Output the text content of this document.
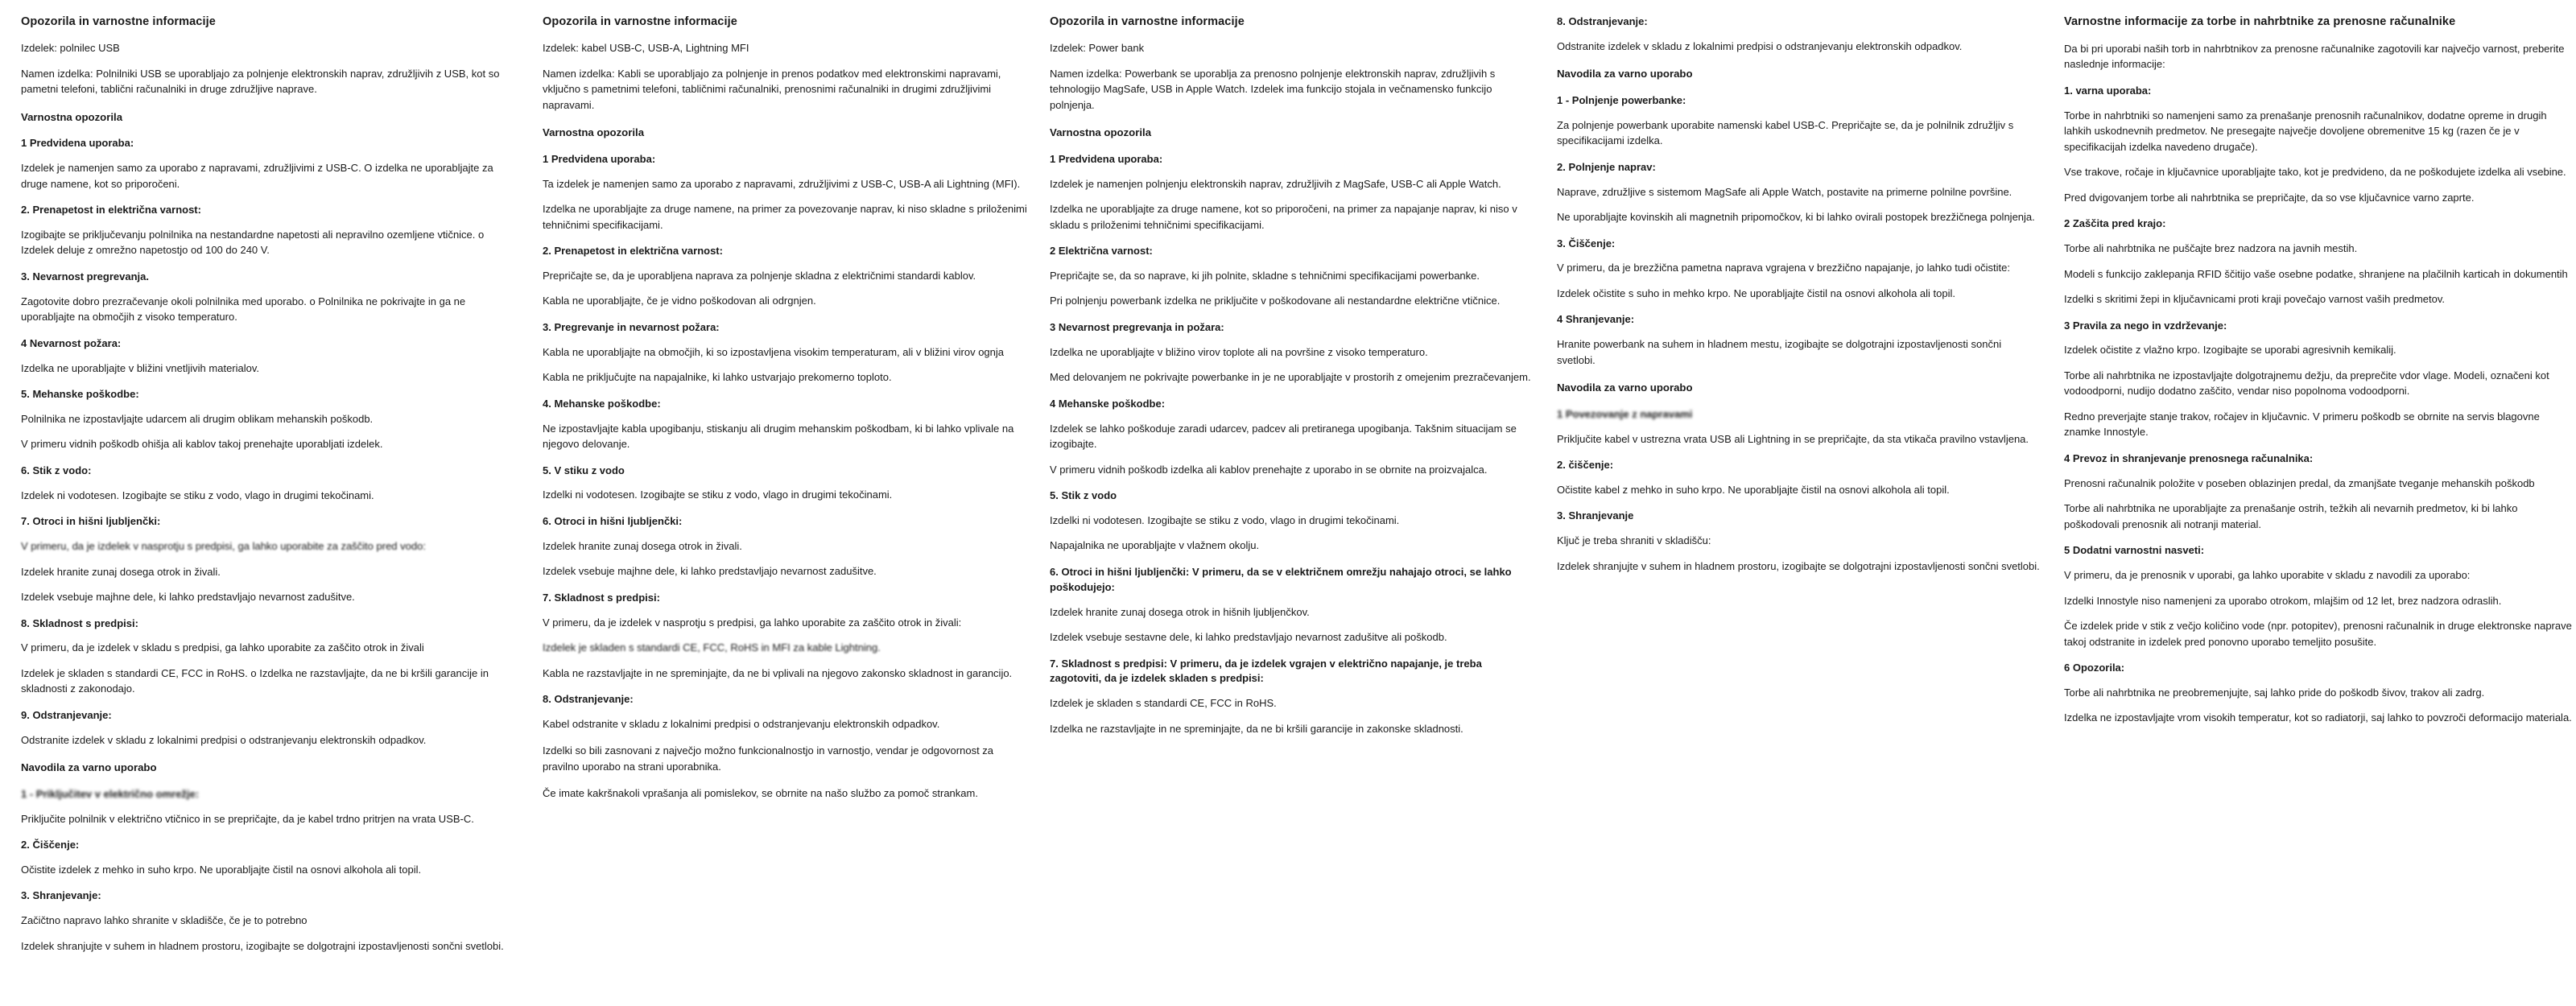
Opozorila in varnostne informacije

Izdelek: polnilec USB

Namen izdelka: Polnilniki USB se uporabljajo za polnjenje elektronskih naprav, združljivih z USB, kot so pametni telefoni, tablični računalniki in druge združljive naprave.

Varnostna opozorila
1 Predvidena uporaba:

Izdelek je namenjen samo za uporabo z napravami, združljivimi z USB-C. O izdelka ne uporabljajte za druge namene, kot so priporočeni.

2. Prenapetost in električna varnost:

Izogibajte se priključevanju polnilnika na nestandardne napetosti ali nepravilno ozemljene vtičnice. o Izdelek deluje z omrežno napetostjo od 100 do 240 V.

3. Nevarnost pregrevanja.

Zagotovite dobro prezračevanje okoli polnilnika med uporabo. o Polnilnika ne pokrivajte in ga ne uporabljajte na območjih z visoko temperaturo.

4 Nevarnost požara:

Izdelka ne uporabljajte v bližini vnetljivih materialov.

5. Mehanske poškodbe:

Polnilnika ne izpostavljajte udarcem ali drugim oblikam mehanskih poškodb.

V primeru vidnih poškodb ohišja ali kablov takoj prenehajte uporabljati izdelek.

6. Stik z vodo:

Izdelek ni vodotesen. Izogibajte se stiku z vodo, vlago in drugimi tekočinami.

7. Otroci in hišni ljubljenčki:

V primeru, da je izdelek v nasprotju s predpisi, ga lahko uporabite za zaščito pred vodo:

Izdelek hranite zunaj dosega otrok in živali.

Izdelek vsebuje majhne dele, ki lahko predstavljajo nevarnost zadušitve.

8. Skladnost s predpisi:

V primeru, da je izdelek v skladu s predpisi, ga lahko uporabite za zaščito otrok in živali

Izdelek je skladen s standardi CE, FCC in RoHS. o Izdelka ne razstavljajte, da ne bi kršili garancije in skladnosti z zakonodajo.

9. Odstranjevanje:

Odstranite izdelek v skladu z lokalnimi predpisi o odstranjevanju elektronskih odpadkov.

Navodila za varno uporabo
1 - Priključitev v električno omrežje:

Priključite polnilnik v električno vtičnico in se prepričajte, da je kabel trdno pritrjen na vrata USB-C.

2. Čiščenje:

Očistite izdelek z mehko in suho krpo. Ne uporabljajte čistil na osnovi alkohola ali topil.

3. Shranjevanje:

Začičtno napravo lahko shranite v skladišče, če je to potrebno

Izdelek shranjujte v suhem in hladnem prostoru, izogibajte se dolgotrajni izpostavljenosti sončni svetlobi.

Opozorila in varnostne informacije

Izdelek: kabel USB-C, USB-A, Lightning MFI

Namen izdelka: Kabli se uporabljajo za polnjenje in prenos podatkov med elektronskimi napravami, vključno s pametnimi telefoni, tabličnimi računalniki, prenosnimi računalniki in drugimi združljivimi napravami.

Varnostna opozorila
1 Predvidena uporaba:

Ta izdelek je namenjen samo za uporabo z napravami, združljivimi z USB-C, USB-A ali Lightning (MFI).

Izdelka ne uporabljajte za druge namene, na primer za povezovanje naprav, ki niso skladne s priloženimi tehničnimi specifikacijami.

2. Prenapetost in električna varnost:

Prepričajte se, da je uporabljena naprava za polnjenje skladna z električnimi standardi kablov.

Kabla ne uporabljajte, če je vidno poškodovan ali odrgnjen.

3. Pregrevanje in nevarnost požara:

Kabla ne uporabljajte na območjih, ki so izpostavljena visokim temperaturam, ali v bližini virov ognja

Kabla ne priključujte na napajalnike, ki lahko ustvarjajo prekomerno toploto.

4. Mehanske poškodbe:

Ne izpostavljajte kabla upogibanju, stiskanju ali drugim mehanskim poškodbam, ki bi lahko vplivale na njegovo delovanje.

5. V stiku z vodo

Izdelki ni vodotesen. Izogibajte se stiku z vodo, vlago in drugimi tekočinami.

6. Otroci in hišni ljubljenčki:

Izdelek hranite zunaj dosega otrok in živali.

Izdelek vsebuje majhne dele, ki lahko predstavljajo nevarnost zadušitve.

7. Skladnost s predpisi:

V primeru, da je izdelek v nasprotju s predpisi, ga lahko uporabite za zaščito otrok in živali:

Izdelek je skladen s standardi CE, FCC, RoHS in MFI za kable Lightning.

Kabla ne razstavljajte in ne spreminjajte, da ne bi vplivali na njegovo zakonsko skladnost in garancijo.

8. Odstranjevanje:

Kabel odstranite v skladu z lokalnimi predpisi o odstranjevanju elektronskih odpadkov.

Izdelki so bili zasnovani z največjo možno funkcionalnostjo in varnostjo, vendar je odgovornost za pravilno uporabo na strani uporabnika.

Če imate kakršnakoli vprašanja ali pomislekov, se obrnite na našo službo za pomoč strankam.

Opozorila in varnostne informacije

Izdelek: Power bank

Namen izdelka: Powerbank se uporablja za prenosno polnjenje elektronskih naprav, združljivih s tehnologijo MagSafe, USB in Apple Watch. Izdelek ima funkcijo stojala in večnamensko funkcijo polnjenja.

Varnostna opozorila
1 Predvidena uporaba:

Izdelek je namenjen polnjenju elektronskih naprav, združljivih z MagSafe, USB-C ali Apple Watch.

Izdelka ne uporabljajte za druge namene, kot so priporočeni, na primer za napajanje naprav, ki niso v skladu s priloženimi tehničnimi specifikacijami.

2 Električna varnost:

Prepričajte se, da so naprave, ki jih polnite, skladne s tehničnimi specifikacijami powerbanke.

Pri polnjenju powerbank izdelka ne priključite v poškodovane ali nestandardne električne vtičnice.

3 Nevarnost pregrevanja in požara:

Izdelka ne uporabljajte v bližino virov toplote ali na površine z visoko temperaturo.

Med delovanjem ne pokrivajte powerbanke in je ne uporabljajte v prostorih z omejenim prezračevanjem.

4 Mehanske poškodbe:

Izdelek se lahko poškoduje zaradi udarcev, padcev ali pretiranega upogibanja. Takšnim situacijam se izogibajte.

V primeru vidnih poškodb izdelka ali kablov prenehajte z uporabo in se obrnite na proizvajalca.

5. Stik z vodo

Izdelki ni vodotesen. Izogibajte se stiku z vodo, vlago in drugimi tekočinami.

Napajalnika ne uporabljajte v vlažnem okolju.

6. Otroci in hišni ljubljenčki: V primeru, da se v električnem omrežju nahajajo otroci, se lahko poškodujejo:

Izdelek hranite zunaj dosega otrok in hišnih ljubljenčkov.

Izdelek vsebuje sestavne dele, ki lahko predstavljajo nevarnost zadušitve ali poškodb.

7. Skladnost s predpisi: V primeru, da je izdelek vgrajen v električno napajanje, je treba zagotoviti, da je izdelek skladen s predpisi:

Izdelek je skladen s standardi CE, FCC in RoHS.

Izdelka ne razstavljajte in ne spreminjajte, da ne bi kršili garancije in zakonske skladnosti.

8. Odstranjevanje:

Odstranite izdelek v skladu z lokalnimi predpisi o odstranjevanju elektronskih odpadkov.

Navodila za varno uporabo
1 - Polnjenje powerbanke:

Za polnjenje powerbank uporabite namenski kabel USB-C. Prepričajte se, da je polnilnik združljiv s specifikacijami izdelka.

2. Polnjenje naprav:

Naprave, združljive s sistemom MagSafe ali Apple Watch, postavite na primerne polnilne površine.

Ne uporabljajte kovinskih ali magnetnih pripomočkov, ki bi lahko ovirali postopek brezžičnega polnjenja.

3. Čiščenje:

V primeru, da je brezžična pametna naprava vgrajena v brezžično napajanje, jo lahko tudi očistite:

Izdelek očistite s suho in mehko krpo. Ne uporabljajte čistil na osnovi alkohola ali topil.

4 Shranjevanje:

Hranite powerbank na suhem in hladnem mestu, izogibajte se dolgotrajni izpostavljenosti sončni svetlobi.

Navodila za varno uporabo
1 Povezovanje z napravami

Priključite kabel v ustrezna vrata USB ali Lightning in se prepričajte, da sta vtikača pravilno vstavljena.

2. čiščenje:

Očistite kabel z mehko in suho krpo. Ne uporabljajte čistil na osnovi alkohola ali topil.

3. Shranjevanje

Ključ je treba shraniti v skladišču:

Izdelek shranjujte v suhem in hladnem prostoru, izogibajte se dolgotrajni izpostavljenosti sončni svetlobi.

Varnostne informacije za torbe in nahrbtnike za prenosne računalnike

Da bi pri uporabi naših torb in nahrbtnikov za prenosne računalnike zagotovili kar največjo varnost, preberite naslednje informacije:

1. varna uporaba:

Torbe in nahrbtniki so namenjeni samo za prenašanje prenosnih računalnikov, dodatne opreme in drugih lahkih uskodnevnih predmetov. Ne presegajte največje dovoljene obremenitve 15 kg (razen če je v specifikacijah izdelka navedeno drugače).

Vse trakove, ročaje in ključavnice uporabljajte tako, kot je predvideno, da ne poškodujete izdelka ali vsebine.

Pred dvigovanjem torbe ali nahrbtnika se prepričajte, da so vse ključavnice varno zaprte.

2 Zaščita pred krajo:

Torbe ali nahrbtnika ne puščajte brez nadzora na javnih mestih.

Modeli s funkcijo zaklepanja RFID ščitijo vaše osebne podatke, shranjene na plačilnih karticah in dokumentih

Izdelki s skritimi žepi in ključavnicami proti kraji povečajo varnost vaših predmetov.

3 Pravila za nego in vzdrževanje:

Izdelek očistite z vlažno krpo. Izogibajte se uporabi agresivnih kemikalij.

Torbe ali nahrbtnika ne izpostavljajte dolgotrajnemu dežju, da preprečite vdor vlage. Modeli, označeni kot vodoodporni, nudijo dodatno zaščito, vendar niso popolnoma vodoodporni.

Redno preverjajte stanje trakov, ročajev in ključavnic. V primeru poškodb se obrnite na servis blagovne znamke Innostyle.

4 Prevoz in shranjevanje prenosnega računalnika:

Prenosni računalnik položite v poseben oblazinjen predal, da zmanjšate tveganje mehanskih poškodb

Torbe ali nahrbtnika ne uporabljajte za prenašanje ostrih, težkih ali nevarnih predmetov, ki bi lahko poškodovali prenosnik ali notranji material.

5 Dodatni varnostni nasveti:

V primeru, da je prenosnik v uporabi, ga lahko uporabite v skladu z navodili za uporabo:

Izdelki Innostyle niso namenjeni za uporabo otrokom, mlajšim od 12 let, brez nadzora odraslih.

Če izdelek pride v stik z večjo količino vode (npr. potopitev), prenosni računalnik in druge elektronske naprave takoj odstranite in izdelek pred ponovno uporabo temeljito posušite.

6 Opozorila:

Torbe ali nahrbtnika ne preobremenjujte, saj lahko pride do poškodb šivov, trakov ali zadrg.

Izdelka ne izpostavljajte vrom visokih temperatur, kot so radiatorji, saj lahko to povzroči deformacijo materiala.
